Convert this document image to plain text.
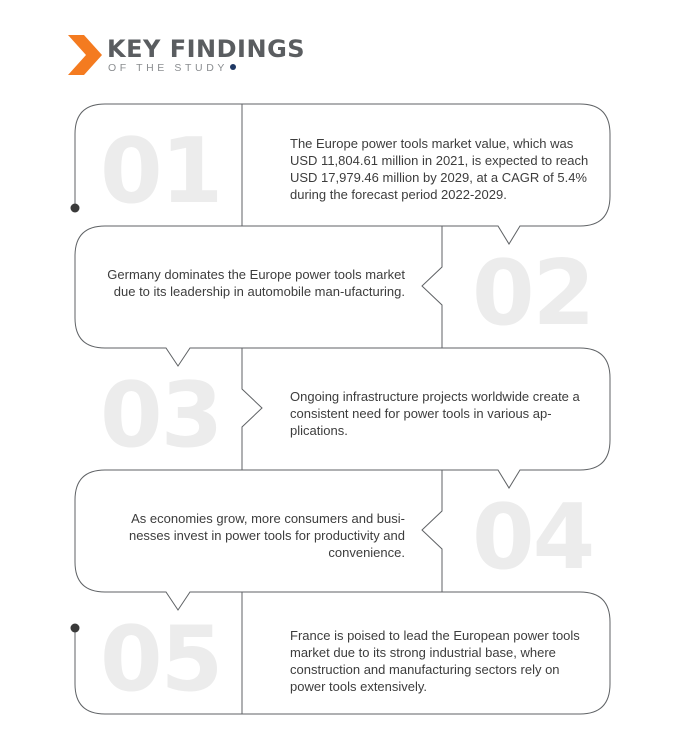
KEY FINDINGS
OF THE STUDY
01	The Europe power tools market value, which was USD 11,804.61 million in 2021, is expected to reach USD 17,979.46 million by 2029, at a CAGR of 5.4% during the forecast period 2022-2029.
02
Germany dominates the Europe power tools market due to its leadership in automobile man-ufacturing.
03	Ongoing infrastructure projects worldwide create a consistent need for power tools in various ap-plications.
04
As economies grow, more consumers and busi-nesses invest in power tools for productivity and convenience.
05	France is poised to lead the European power tools market due to its strong industrial base, where construction and manufacturing sectors rely on power tools extensively.
